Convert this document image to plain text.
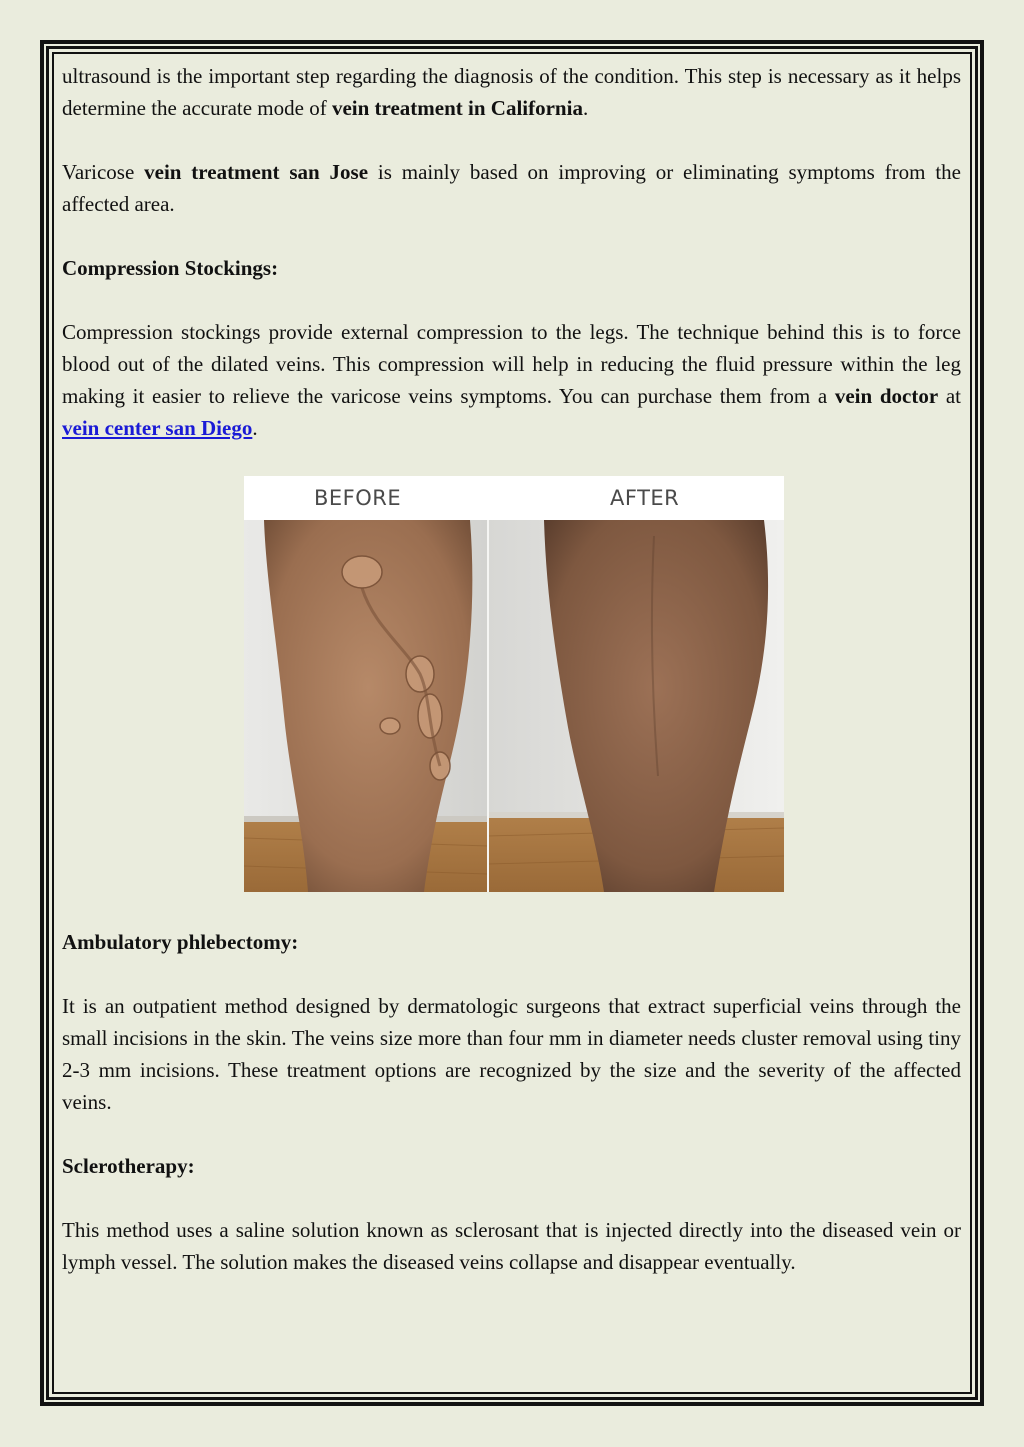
ultrasound is the important step regarding the diagnosis of the condition. This step is necessary as it helps determine the accurate mode of vein treatment in California.

Varicose vein treatment san Jose is mainly based on improving or eliminating symptoms from the affected area.

Compression Stockings:

Compression stockings provide external compression to the legs. The technique behind this is to force blood out of the dilated veins. This compression will help in reducing the fluid pressure within the leg making it easier to relieve the varicose veins symptoms. You can purchase them from a vein doctor at vein center san Diego.

BEFORE	AFTER

Ambulatory phlebectomy:

It is an outpatient method designed by dermatologic surgeons that extract superficial veins through the small incisions in the skin. The veins size more than four mm in diameter needs cluster removal using tiny 2-3 mm incisions. These treatment options are recognized by the size and the severity of the affected veins.

Sclerotherapy:

This method uses a saline solution known as sclerosant that is injected directly into the diseased vein or lymph vessel. The solution makes the diseased veins collapse and disappear eventually.
